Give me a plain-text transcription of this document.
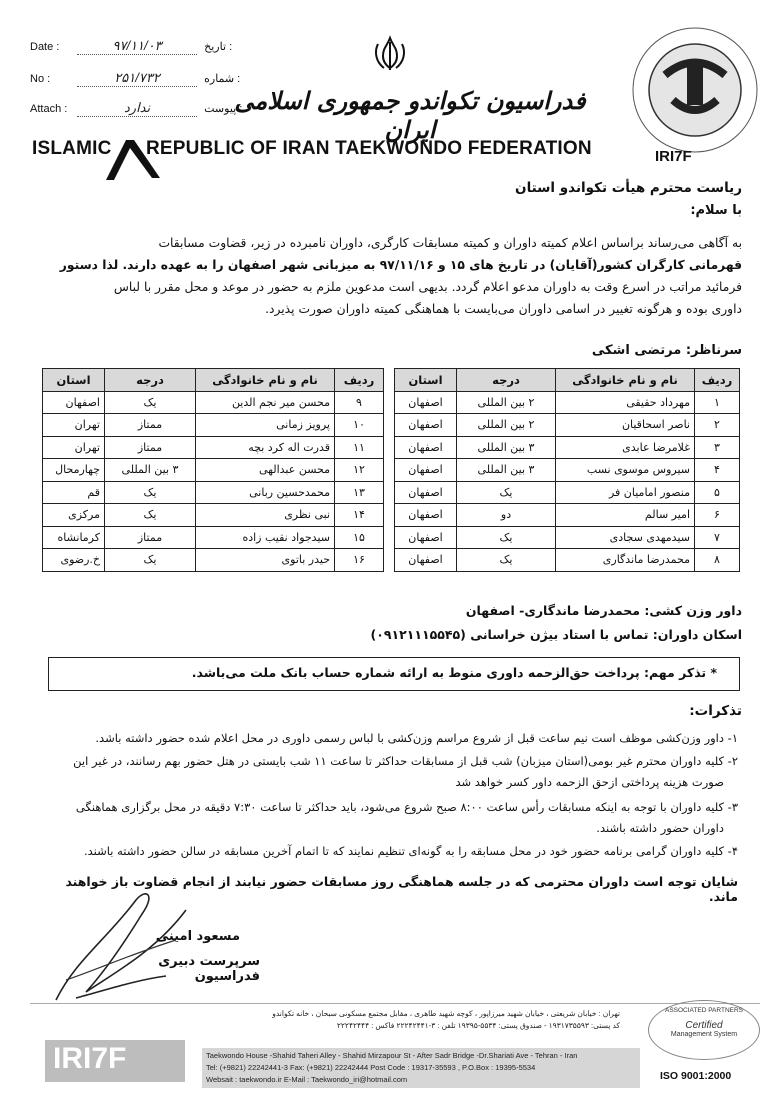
Date :	۹۷/۱۱/۰۳	: تاریخ
No :	۲۵۱/۷۳۲	: شماره
Attach :	ندارد	: پیوست
فدراسیون تکواندو جمهوری اسلامی ایران
ISLAMIC REPUBLIC OF IRAN TAEKWONDO FEDERATION	IRI7F
ریاست محترم هیأت تکواندو استان
با سلام:
به آگاهی می‌رساند براساس اعلام کمیته داوران و کمیته مسابقات کارگری، داوران نامبرده در زیر، قضاوت مسابقات
قهرمانی کارگران کشور(آقایان) در تاریخ های ۱۵ و ۹۷/۱۱/۱۶ به میزبانی شهر اصفهان را به عهده دارند. لذا دستور
فرمائید مراتب در اسرع وقت به داوران مدعو اعلام گردد. بدیهی است مدعوین ملزم به حضور در موعد و محل مقرر با لباس
داوری بوده و هرگونه تغییر در اسامی داوران می‌بایست با هماهنگی کمیته داوران صورت پذیرد.
سرناظر: مرتضی اشکی
ردیف	نام و نام خانوادگی	درجه	استان
۱	مهرداد حقیقی	۲ بین المللی	اصفهان
۲	ناصر اسحاقیان	۲ بین المللی	اصفهان
۳	غلامرضا عابدی	۳ بین المللی	اصفهان
۴	سیروس موسوی نسب	۳ بین المللی	اصفهان
۵	منصور امامیان فر	یک	اصفهان
۶	امیر سالم	دو	اصفهان
۷	سیدمهدی سجادی	یک	اصفهان
۸	محمدرضا ماندگاری	یک	اصفهان
ردیف	نام و نام خانوادگی	درجه	استان
۹	محسن میر نجم الدین	یک	اصفهان
۱۰	پرویز زمانی	ممتاز	تهران
۱۱	قدرت اله کرد بچه	ممتاز	تهران
۱۲	محسن عبدالهی	۳ بین المللی	چهارمحال
۱۳	محمدحسین ربانی	یک	قم
۱۴	نبی نظری	یک	مرکزی
۱۵	سیدجواد نقیب زاده	ممتاز	کرمانشاه
۱۶	حیدر باتوی	یک	خ.رضوی
داور وزن کشی: محمدرضا ماندگاری- اصفهان
اسکان داوران: تماس با استاد بیژن خراسانی (۰۹۱۲۱۱۱۵۵۴۵)
* تذکر مهم: پرداخت حق‌الزحمه داوری منوط به ارائه شماره حساب بانک ملت می‌باشد.
تذکرات:

۱- داور وزن‌کشی موظف است نیم ساعت قبل از شروع مراسم وزن‌کشی با لباس رسمی داوری در محل اعلام شده حضور داشته باشد.

۲- کلیه داوران محترم غیر بومی(استان میزبان) شب قبل از مسابقات حداکثر تا ساعت ۱۱ شب بایستی در هتل حضور بهم رسانند، در غیر این

صورت هزینه پرداختی ازحق الزحمه داور کسر خواهد شد

۳- کلیه داوران با توجه به اینکه مسابقات رأس ساعت ۸:۰۰ صبح شروع می‌شود، باید حداکثر تا ساعت ۷:۳۰ دقیقه در محل برگزاری هماهنگی

داوران حضور داشته باشند.

۴- کلیه داوران گرامی برنامه حضور خود در محل مسابقه را به گونه‌ای تنظیم نمایند که تا اتمام آخرین مسابقه در سالن حضور داشته باشند.

شایان توجه است داوران محترمی که در جلسه هماهنگی روز مسابقات حضور نیابند از انجام قضاوت باز خواهند ماند.
مسعود امینی
سرپرست دبیری فدراسیون
تهران : خیابان شریعتی ، خیابان شهید میرزاپور ، کوچه شهید طاهری ، مقابل مجتمع مسکونی سبحان ، خانه تکواندو
کد پستی: ۱۹۳۱۷۳۵۵۹۳ - صندوق پستی: ۵۵۳۴-۱۹۳۹۵ تلفن : ۳-۲۲۲۴۲۴۴۱ فاکس : ۲۲۲۴۲۴۴۴
IRI7F	Taekwondo House -Shahid Taheri Alley - Shahid Mirzapour St - After Sadr Bridge -Dr.Shariati Ave - Tehran - Iran
Tel: (+9821) 22242441-3 Fax: (+9821) 22242444 Post Code : 19317-35593 , P.O.Box : 19395-5534
Websait : taekwondo.ir E-Mail : Taekwondo_iri@hotmail.com
ASSOCIATED PARTNERS
Certified
Management System
ISO 9001:2000
